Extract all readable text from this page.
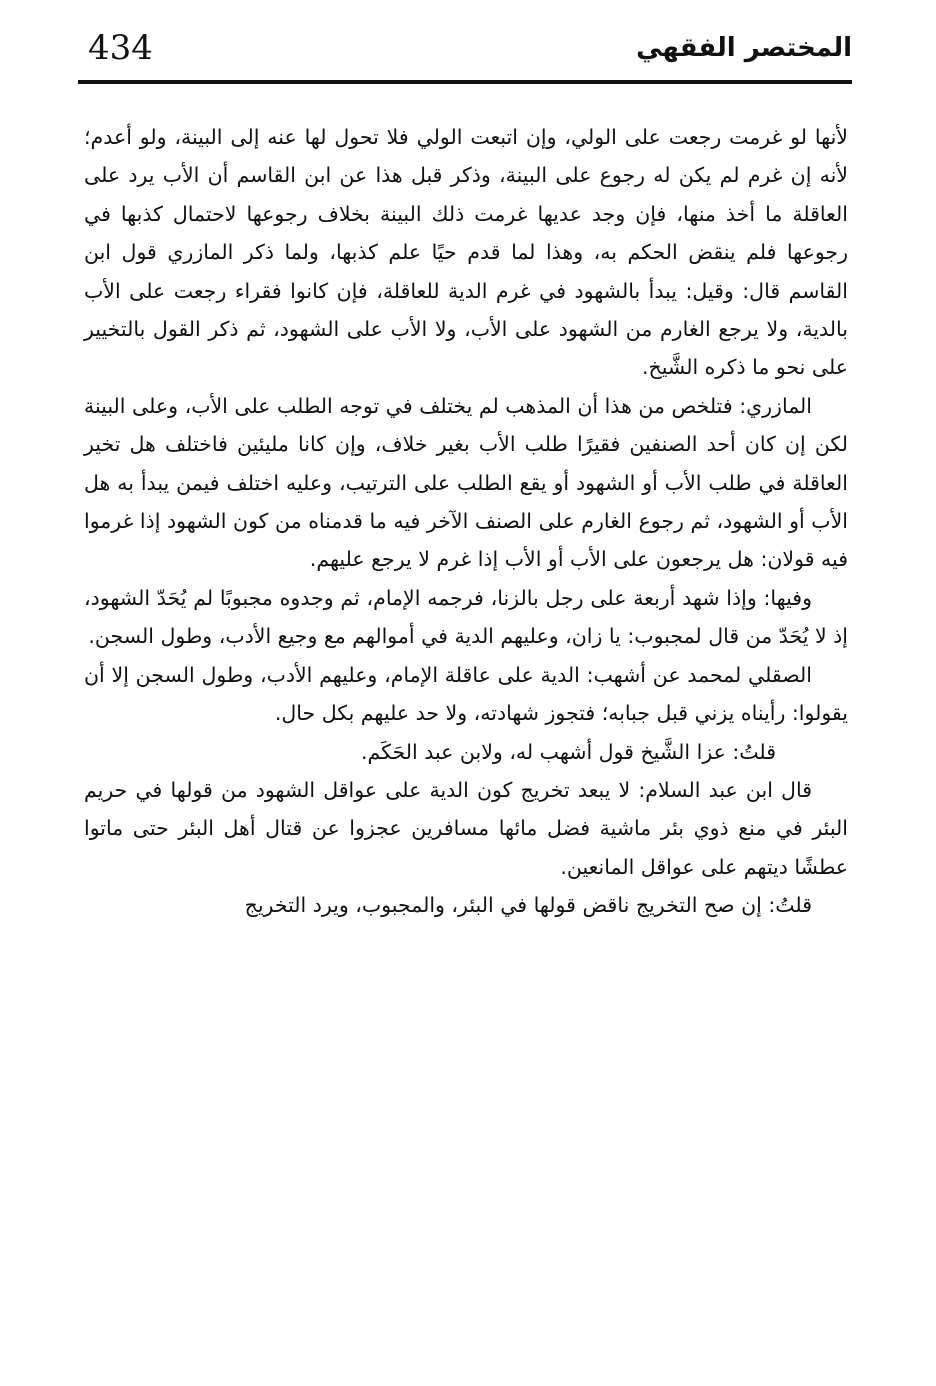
434	المختصر الفقهي

لأنها لو غرمت رجعت على الولي، وإن اتبعت الولي فلا تحول لها عنه إلى البينة، ولو أعدم؛ لأنه إن غرم لم يكن له رجوع على البينة، وذكر قبل هذا عن ابن القاسم أن الأب يرد على العاقلة ما أخذ منها، فإن وجد عديها غرمت ذلك البينة بخلاف رجوعها لاحتمال كذبها في رجوعها فلم ينقض الحكم به، وهذا لما قدم حيًا علم كذبها، ولما ذكر المازري قول ابن القاسم قال: وقيل: يبدأ بالشهود في غرم الدية للعاقلة، فإن كانوا فقراء رجعت على الأب بالدية، ولا يرجع الغارم من الشهود على الأب، ولا الأب على الشهود، ثم ذكر القول بالتخيير على نحو ما ذكره الشَّيخ.

المازري: فتلخص من هذا أن المذهب لم يختلف في توجه الطلب على الأب، وعلى البينة لكن إن كان أحد الصنفين فقيرًا طلب الأب بغير خلاف، وإن كانا مليئين فاختلف هل تخير العاقلة في طلب الأب أو الشهود أو يقع الطلب على الترتيب، وعليه اختلف فيمن يبدأ به هل الأب أو الشهود، ثم رجوع الغارم على الصنف الآخر فيه ما قدمناه من كون الشهود إذا غرموا فيه قولان: هل يرجعون على الأب أو الأب إذا غرم لا يرجع عليهم.

وفيها: وإذا شهد أربعة على رجل بالزنا، فرجمه الإمام، ثم وجدوه مجبوبًا لم يُحَدّ الشهود، إذ لا يُحَدّ من قال لمجبوب: يا زان، وعليهم الدية في أموالهم مع وجيع الأدب، وطول السجن.

الصقلي لمحمد عن أشهب: الدية على عاقلة الإمام، وعليهم الأدب، وطول السجن إلا أن يقولوا: رأيناه يزني قبل جبابه؛ فتجوز شهادته، ولا حد عليهم بكل حال.

قلتُ: عزا الشَّيخ قول أشهب له، ولابن عبد الحَكَم.

قال ابن عبد السلام: لا يبعد تخريج كون الدية على عواقل الشهود من قولها في حريم البئر في منع ذوي بئر ماشية فضل مائها مسافرين عجزوا عن قتال أهل البئر حتى ماتوا عطشًا ديتهم على عواقل المانعين.

قلتُ: إن صح التخريج ناقض قولها في البئر، والمجبوب، ويرد التخريج
